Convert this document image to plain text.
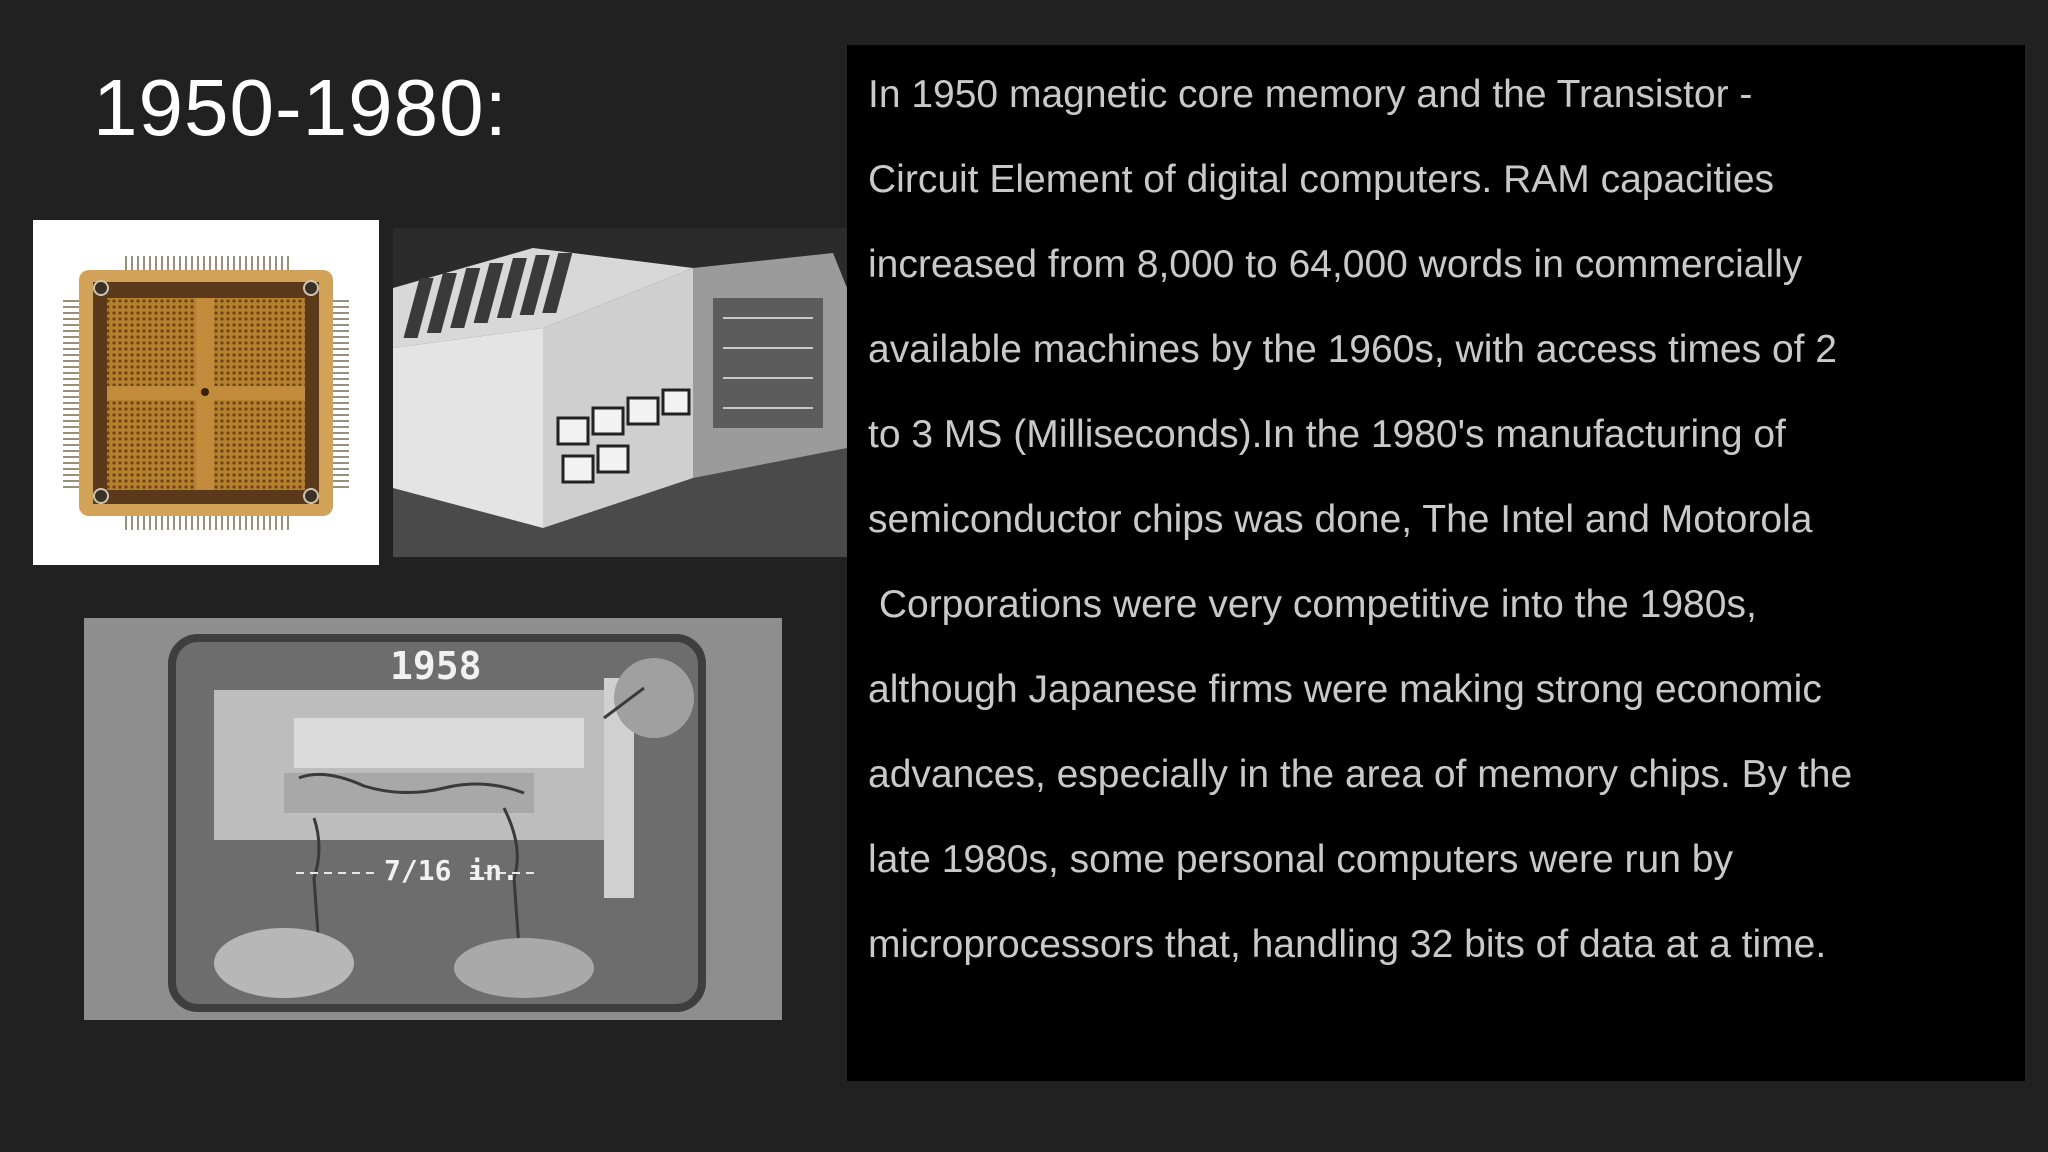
1950-1980:
1958
7/16 in.
In 1950 magnetic core memory and the Transistor -
Circuit Element of digital computers. RAM capacities
increased from 8,000 to 64,000 words in commercially
available machines by the 1960s, with access times of 2
to 3 MS (Milliseconds).In the 1980's manufacturing of
semiconductor chips was done, The Intel and Motorola
Corporations were very competitive into the 1980s,
although Japanese firms were making strong economic
advances, especially in the area of memory chips. By the
late 1980s, some personal computers were run by
microprocessors that, handling 32 bits of data at a time.
